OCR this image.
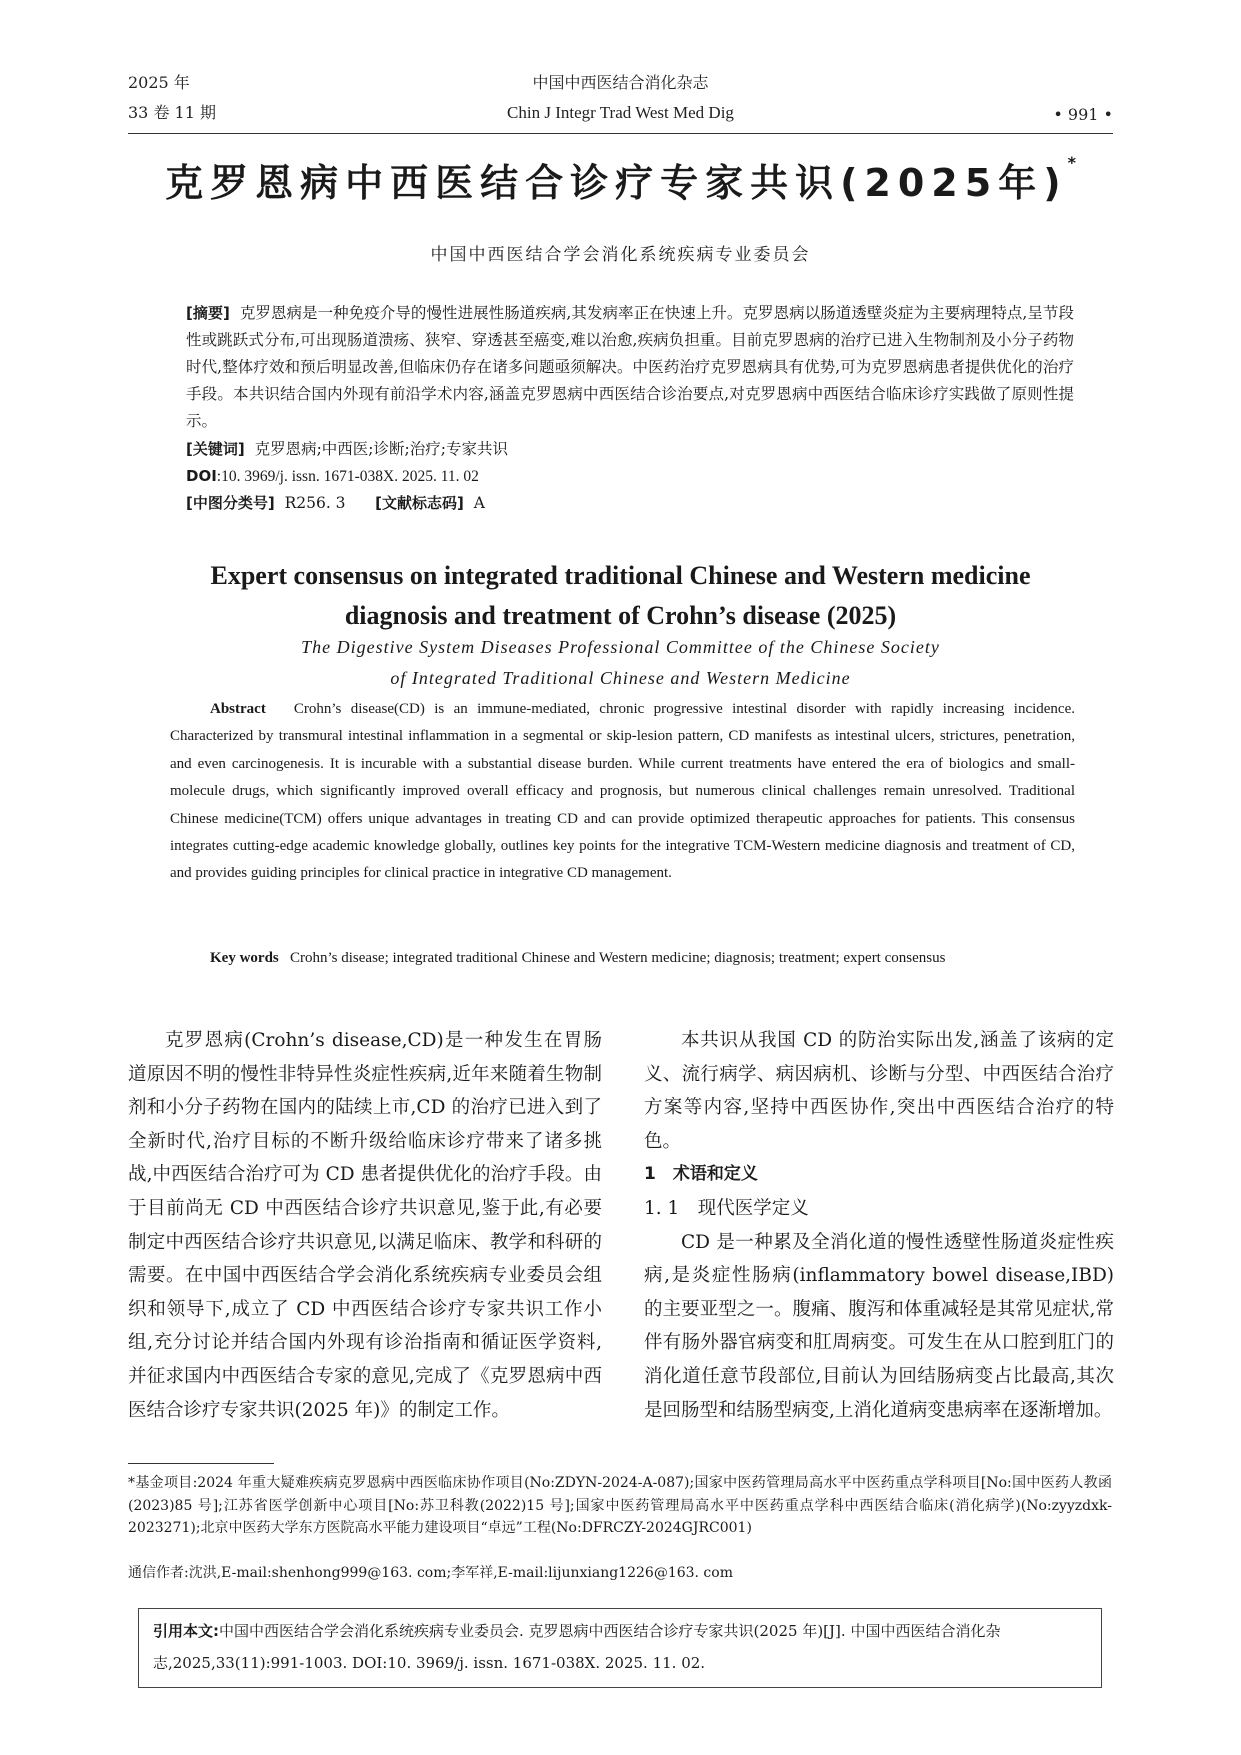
2025 年
33 卷 11 期
中国中西医结合消化杂志
Chin J Integr Trad West Med Dig	• 991 •
克罗恩病中西医结合诊疗专家共识(2025年)*
中国中西医结合学会消化系统疾病专业委员会
[摘要] 克罗恩病是一种免疫介导的慢性进展性肠道疾病,其发病率正在快速上升。克罗恩病以肠道透壁炎症为主要病理特点,呈节段性或跳跃式分布,可出现肠道溃疡、狭窄、穿透甚至癌变,难以治愈,疾病负担重。目前克罗恩病的治疗已进入生物制剂及小分子药物时代,整体疗效和预后明显改善,但临床仍存在诸多问题亟须解决。中医药治疗克罗恩病具有优势,可为克罗恩病患者提供优化的治疗手段。本共识结合国内外现有前沿学术内容,涵盖克罗恩病中西医结合诊治要点,对克罗恩病中西医结合临床诊疗实践做了原则性提示。
[关键词] 克罗恩病;中西医;诊断;治疗;专家共识
DOI:10. 3969/j. issn. 1671-038X. 2025. 11. 02
[中图分类号] R256. 3 [文献标志码] A
Expert consensus on integrated traditional Chinese and Western medicine
diagnosis and treatment of Crohn’s disease (2025)
The Digestive System Diseases Professional Committee of the Chinese Society
of Integrated Traditional Chinese and Western Medicine
Abstract Crohn’s disease(CD) is an immune-mediated, chronic progressive intestinal disorder with rapidly increasing incidence. Characterized by transmural intestinal inflammation in a segmental or skip-lesion pattern, CD manifests as intestinal ulcers, strictures, penetration, and even carcinogenesis. It is incurable with a substantial disease burden. While current treatments have entered the era of biologics and small-molecule drugs, which significantly improved overall efficacy and prognosis, but numerous clinical challenges remain unresolved. Traditional Chinese medicine(TCM) offers unique advantages in treating CD and can provide optimized therapeutic approaches for patients. This consensus integrates cutting-edge academic knowledge globally, outlines key points for the integrative TCM-Western medicine diagnosis and treatment of CD, and provides guiding principles for clinical practice in integrative CD management.
Key words Crohn’s disease; integrated traditional Chinese and Western medicine; diagnosis; treatment; expert consensus

克罗恩病(Crohn’s disease,CD)是一种发生在胃肠道原因不明的慢性非特异性炎症性疾病,近年来随着生物制剂和小分子药物在国内的陆续上市,CD 的治疗已进入到了全新时代,治疗目标的不断升级给临床诊疗带来了诸多挑战,中西医结合治疗可为 CD 患者提供优化的治疗手段。由于目前尚无 CD 中西医结合诊疗共识意见,鉴于此,有必要制定中西医结合诊疗共识意见,以满足临床、教学和科研的需要。在中国中西医结合学会消化系统疾病专业委员会组织和领导下,成立了 CD 中西医结合诊疗专家共识工作小组,充分讨论并结合国内外现有诊治指南和循证医学资料,并征求国内中西医结合专家的意见,完成了《克罗恩病中西医结合诊疗专家共识(2025 年)》的制定工作。

本共识从我国 CD 的防治实际出发,涵盖了该病的定义、流行病学、病因病机、诊断与分型、中西医结合治疗方案等内容,坚持中西医协作,突出中西医结合治疗的特色。

1　术语和定义

1. 1　现代医学定义

CD 是一种累及全消化道的慢性透壁性肠道炎症性疾病,是炎症性肠病(inflammatory bowel disease,IBD)的主要亚型之一。腹痛、腹泻和体重减轻是其常见症状,常伴有肠外器官病变和肛周病变。可发生在从口腔到肛门的消化道任意节段部位,目前认为回结肠病变占比最高,其次是回肠型和结肠型病变,上消化道病变患病率在逐渐增加。

*基金项目:2024 年重大疑难疾病克罗恩病中西医临床协作项目(No:ZDYN-2024-A-087);国家中医药管理局高水平中医药重点学科项目[No:国中医药人教函(2023)85 号];江苏省医学创新中心项目[No:苏卫科教(2022)15 号];国家中医药管理局高水平中医药重点学科中西医结合临床(消化病学)(No:zyyzdxk-2023271);北京中医药大学东方医院高水平能力建设项目“卓远”工程(No:DFRCZY-2024GJRC001)
通信作者:沈洪,E-mail:shenhong999@163. com;李军祥,E-mail:lijunxiang1226@163. com
引用本文:中国中西医结合学会消化系统疾病专业委员会. 克罗恩病中西医结合诊疗专家共识(2025 年)[J]. 中国中西医结合消化杂志,2025,33(11):991-1003. DOI:10. 3969/j. issn. 1671-038X. 2025. 11. 02.
